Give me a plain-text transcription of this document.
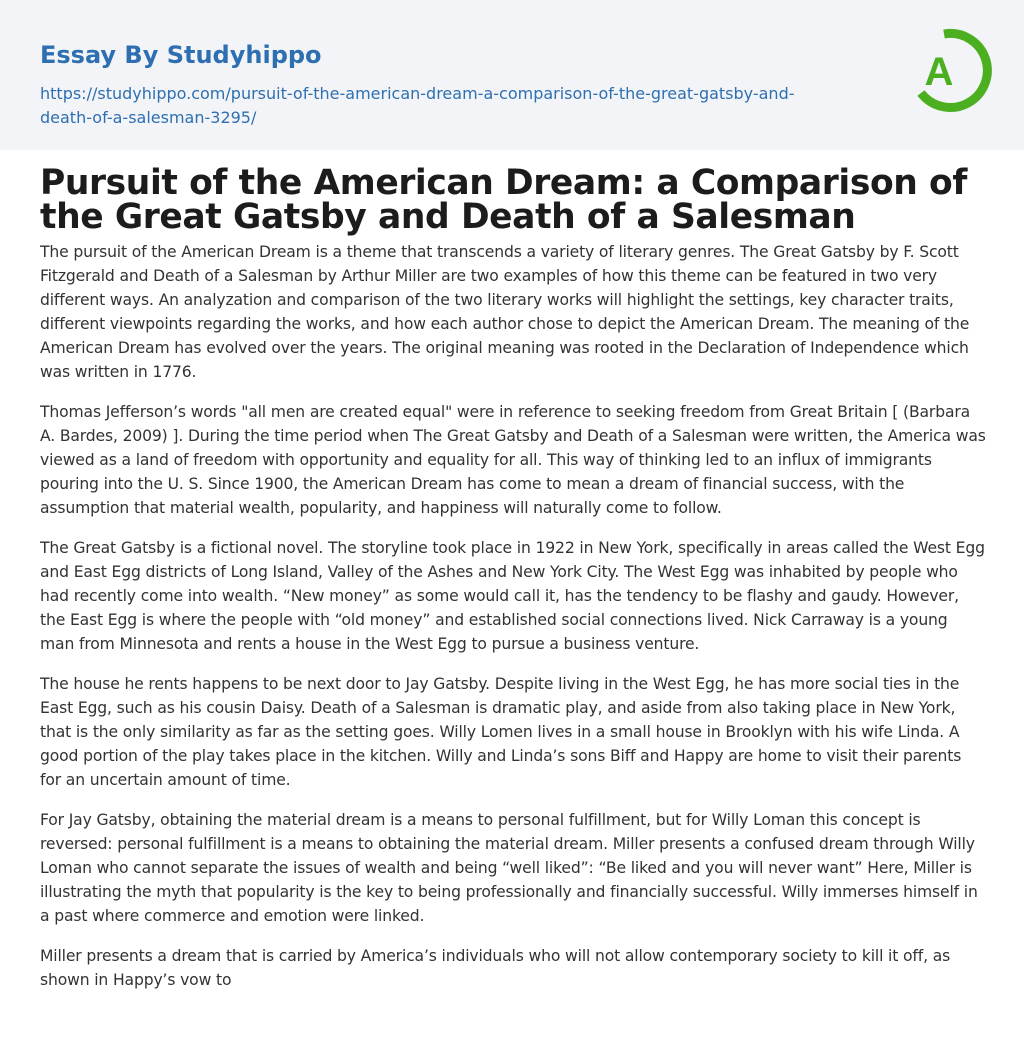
Essay By Studyhippo
https://studyhippo.com/pursuit-of-the-american-dream-a-comparison-of-the-great-gatsby-and-death-of-a-salesman-3295/
A
Pursuit of the American Dream: a Comparison of the Great Gatsby and Death of a Salesman

The pursuit of the American Dream is a theme that transcends a variety of literary genres. The Great Gatsby by F. Scott Fitzgerald and Death of a Salesman by Arthur Miller are two examples of how this theme can be featured in two very different ways. An analyzation and comparison of the two literary works will highlight the settings, key character traits, different viewpoints regarding the works, and how each author chose to depict the American Dream. The meaning of the American Dream has evolved over the years. The original meaning was rooted in the Declaration of Independence which was written in 1776.

Thomas Jefferson’s words "all men are created equal" were in reference to seeking freedom from Great Britain [ (Barbara A. Bardes, 2009) ]. During the time period when The Great Gatsby and Death of a Salesman were written, the America was viewed as a land of freedom with opportunity and equality for all. This way of thinking led to an influx of immigrants pouring into the U. S. Since 1900, the American Dream has come to mean a dream of financial success, with the assumption that material wealth, popularity, and happiness will naturally come to follow.

The Great Gatsby is a fictional novel. The storyline took place in 1922 in New York, specifically in areas called the West Egg and East Egg districts of Long Island, Valley of the Ashes and New York City. The West Egg was inhabited by people who had recently come into wealth. “New money” as some would call it, has the tendency to be flashy and gaudy. However, the East Egg is where the people with “old money” and established social connections lived. Nick Carraway is a young man from Minnesota and rents a house in the West Egg to pursue a business venture.

The house he rents happens to be next door to Jay Gatsby. Despite living in the West Egg, he has more social ties in the East Egg, such as his cousin Daisy. Death of a Salesman is dramatic play, and aside from also taking place in New York, that is the only similarity as far as the setting goes. Willy Lomen lives in a small house in Brooklyn with his wife Linda. A good portion of the play takes place in the kitchen. Willy and Linda’s sons Biff and Happy are home to visit their parents for an uncertain amount of time.

For Jay Gatsby, obtaining the material dream is a means to personal fulfillment, but for Willy Loman this concept is reversed: personal fulfillment is a means to obtaining the material dream. Miller presents a confused dream through Willy Loman who cannot separate the issues of wealth and being “well liked”: “Be liked and you will never want” Here, Miller is illustrating the myth that popularity is the key to being professionally and financially successful. Willy immerses himself in a past where commerce and emotion were linked.

Miller presents a dream that is carried by America’s individuals who will not allow contemporary society to kill it off, as shown in Happy’s vow to
